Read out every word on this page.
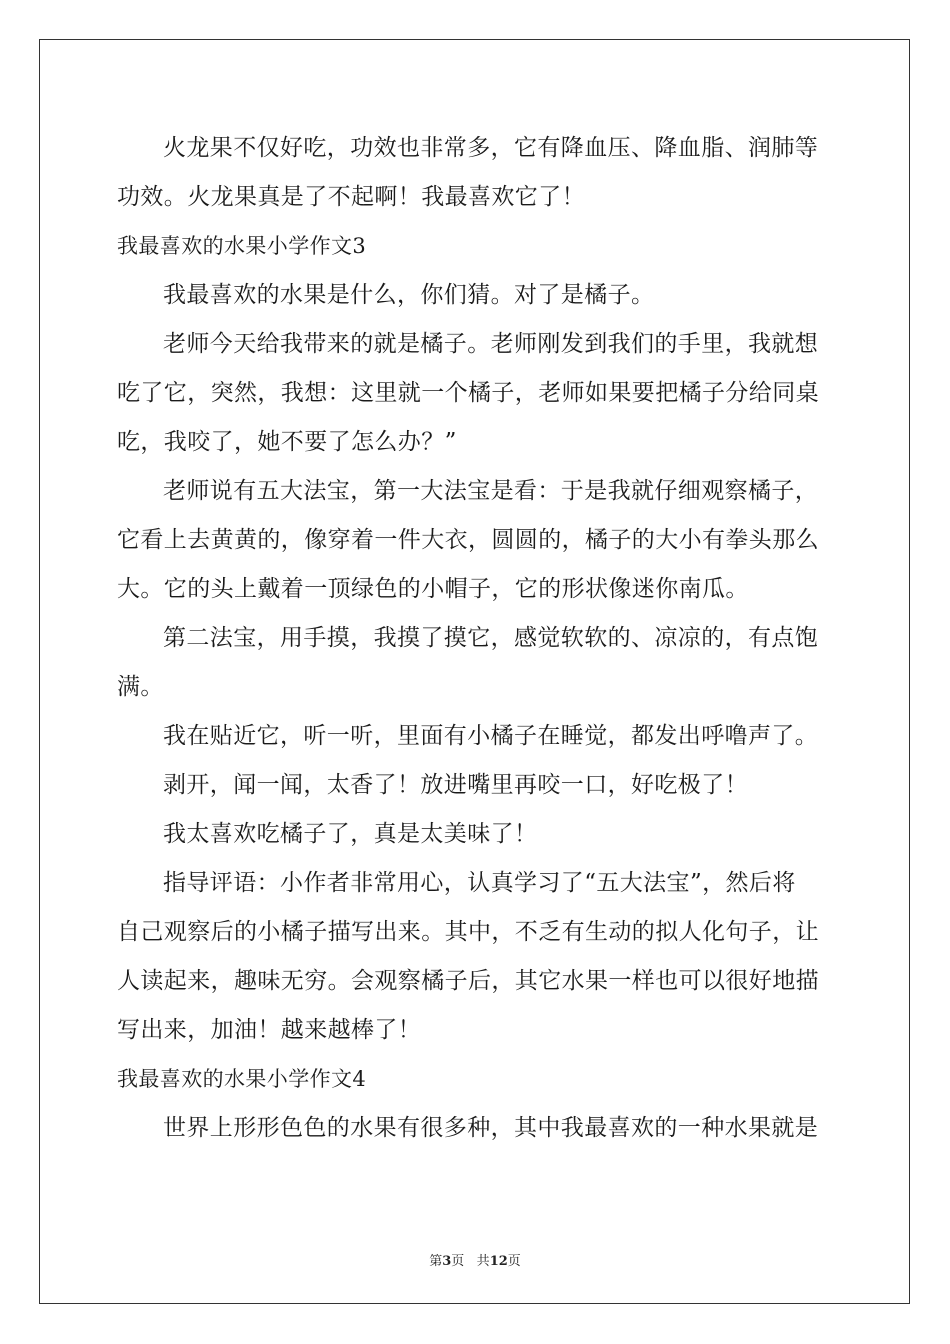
火龙果不仅好吃，功效也非常多，它有降血压、降血脂、润肺等
功效。火龙果真是了不起啊！我最喜欢它了！
我最喜欢的水果小学作文3
我最喜欢的水果是什么，你们猜。对了是橘子。
老师今天给我带来的就是橘子。老师刚发到我们的手里，我就想
吃了它，突然，我想：这里就一个橘子，老师如果要把橘子分给同桌
吃，我咬了，她不要了怎么办？”
老师说有五大法宝，第一大法宝是看：于是我就仔细观察橘子，
它看上去黄黄的，像穿着一件大衣，圆圆的，橘子的大小有拳头那么
大。它的头上戴着一顶绿色的小帽子，它的形状像迷你南瓜。
第二法宝，用手摸，我摸了摸它，感觉软软的、凉凉的，有点饱
满。
我在贴近它，听一听，里面有小橘子在睡觉，都发出呼噜声了。
剥开，闻一闻，太香了！放进嘴里再咬一口，好吃极了！
我太喜欢吃橘子了，真是太美味了！
指导评语：小作者非常用心，认真学习了“五大法宝”，然后将
自己观察后的小橘子描写出来。其中，不乏有生动的拟人化句子，让
人读起来，趣味无穷。会观察橘子后，其它水果一样也可以很好地描
写出来，加油！越来越棒了！
我最喜欢的水果小学作文4
世界上形形色色的水果有很多种，其中我最喜欢的一种水果就是
第3页 共12页
